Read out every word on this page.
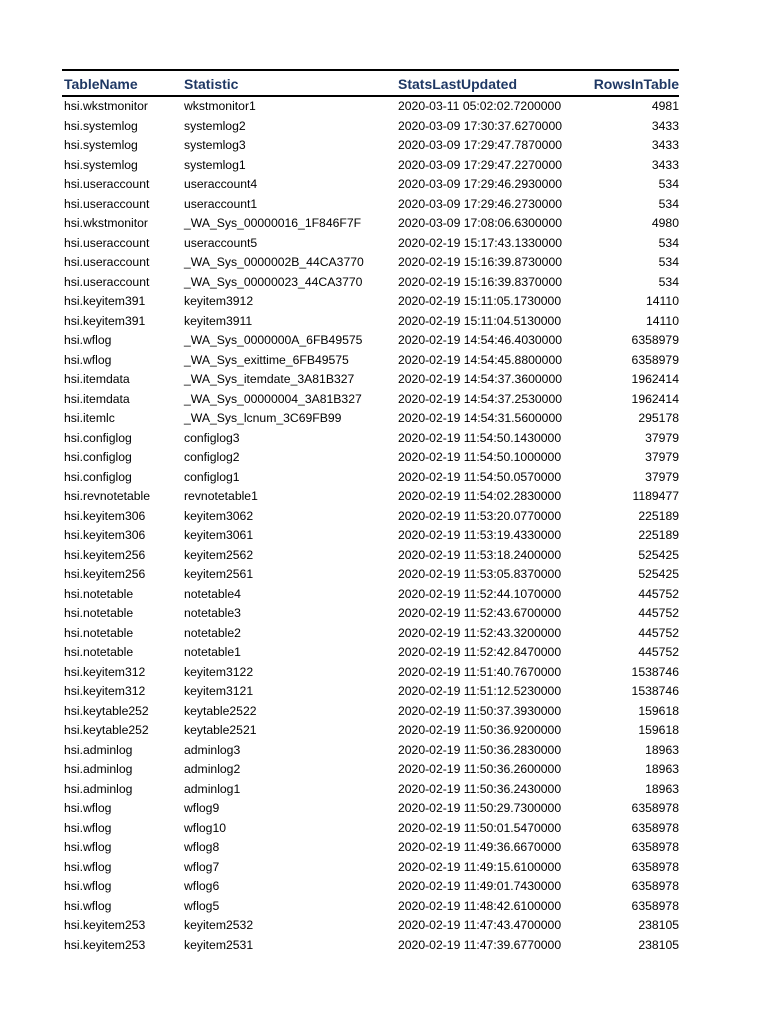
TableName	Statistic	StatsLastUpdated	RowsInTable
hsi.wkstmonitor	wkstmonitor1	2020-03-11 05:02:02.7200000	4981
hsi.systemlog	systemlog2	2020-03-09 17:30:37.6270000	3433
hsi.systemlog	systemlog3	2020-03-09 17:29:47.7870000	3433
hsi.systemlog	systemlog1	2020-03-09 17:29:47.2270000	3433
hsi.useraccount	useraccount4	2020-03-09 17:29:46.2930000	534
hsi.useraccount	useraccount1	2020-03-09 17:29:46.2730000	534
hsi.wkstmonitor	_WA_Sys_00000016_1F846F7F	2020-03-09 17:08:06.6300000	4980
hsi.useraccount	useraccount5	2020-02-19 15:17:43.1330000	534
hsi.useraccount	_WA_Sys_0000002B_44CA3770	2020-02-19 15:16:39.8730000	534
hsi.useraccount	_WA_Sys_00000023_44CA3770	2020-02-19 15:16:39.8370000	534
hsi.keyitem391	keyitem3912	2020-02-19 15:11:05.1730000	14110
hsi.keyitem391	keyitem3911	2020-02-19 15:11:04.5130000	14110
hsi.wflog	_WA_Sys_0000000A_6FB49575	2020-02-19 14:54:46.4030000	6358979
hsi.wflog	_WA_Sys_exittime_6FB49575	2020-02-19 14:54:45.8800000	6358979
hsi.itemdata	_WA_Sys_itemdate_3A81B327	2020-02-19 14:54:37.3600000	1962414
hsi.itemdata	_WA_Sys_00000004_3A81B327	2020-02-19 14:54:37.2530000	1962414
hsi.itemlc	_WA_Sys_lcnum_3C69FB99	2020-02-19 14:54:31.5600000	295178
hsi.configlog	configlog3	2020-02-19 11:54:50.1430000	37979
hsi.configlog	configlog2	2020-02-19 11:54:50.1000000	37979
hsi.configlog	configlog1	2020-02-19 11:54:50.0570000	37979
hsi.revnotetable	revnotetable1	2020-02-19 11:54:02.2830000	1189477
hsi.keyitem306	keyitem3062	2020-02-19 11:53:20.0770000	225189
hsi.keyitem306	keyitem3061	2020-02-19 11:53:19.4330000	225189
hsi.keyitem256	keyitem2562	2020-02-19 11:53:18.2400000	525425
hsi.keyitem256	keyitem2561	2020-02-19 11:53:05.8370000	525425
hsi.notetable	notetable4	2020-02-19 11:52:44.1070000	445752
hsi.notetable	notetable3	2020-02-19 11:52:43.6700000	445752
hsi.notetable	notetable2	2020-02-19 11:52:43.3200000	445752
hsi.notetable	notetable1	2020-02-19 11:52:42.8470000	445752
hsi.keyitem312	keyitem3122	2020-02-19 11:51:40.7670000	1538746
hsi.keyitem312	keyitem3121	2020-02-19 11:51:12.5230000	1538746
hsi.keytable252	keytable2522	2020-02-19 11:50:37.3930000	159618
hsi.keytable252	keytable2521	2020-02-19 11:50:36.9200000	159618
hsi.adminlog	adminlog3	2020-02-19 11:50:36.2830000	18963
hsi.adminlog	adminlog2	2020-02-19 11:50:36.2600000	18963
hsi.adminlog	adminlog1	2020-02-19 11:50:36.2430000	18963
hsi.wflog	wflog9	2020-02-19 11:50:29.7300000	6358978
hsi.wflog	wflog10	2020-02-19 11:50:01.5470000	6358978
hsi.wflog	wflog8	2020-02-19 11:49:36.6670000	6358978
hsi.wflog	wflog7	2020-02-19 11:49:15.6100000	6358978
hsi.wflog	wflog6	2020-02-19 11:49:01.7430000	6358978
hsi.wflog	wflog5	2020-02-19 11:48:42.6100000	6358978
hsi.keyitem253	keyitem2532	2020-02-19 11:47:43.4700000	238105
hsi.keyitem253	keyitem2531	2020-02-19 11:47:39.6770000	238105
